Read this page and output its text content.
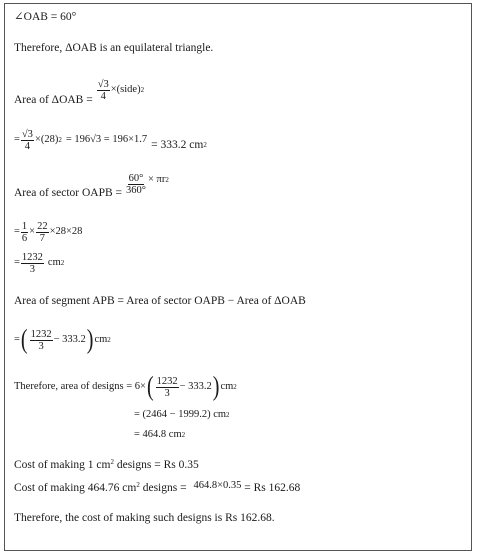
∠OAB = 60°
Therefore, ΔOAB is an equilateral triangle.
Area of $\Delta OAB = \frac{√3}{4}$ ×(side) 2
= $\frac{√3}{4} \times(28) 2 = 196√3 = 196\times 1.7 = 333.2$ cm 2
Area of sector OAPB = $\frac{60^\circ}{360^\circ} \times \pi r$ 2
= $\frac{1}{6} \times \frac{22}{7} \times 28\times 28$
= $\frac{1232}{3}$ cm 2
Area of segment APB = Area of sector OAPB − Area of ΔOAB
= ( $\frac{1232}{3} - 333.2$ ) cm 2
Therefore, area of designs = 6× ( $\frac{1232}{3} - 333.2$ ) cm 2
= (2464 − 1999.2) cm 2
= 464.8 cm 2
Cost of making 1 $cm^2$ designs = Rs 0.35
Cost of making 464.76 $cm^2$ designs = 464.8×0.35 = Rs 162.68
Therefore, the cost of making such designs is Rs 162.68.
